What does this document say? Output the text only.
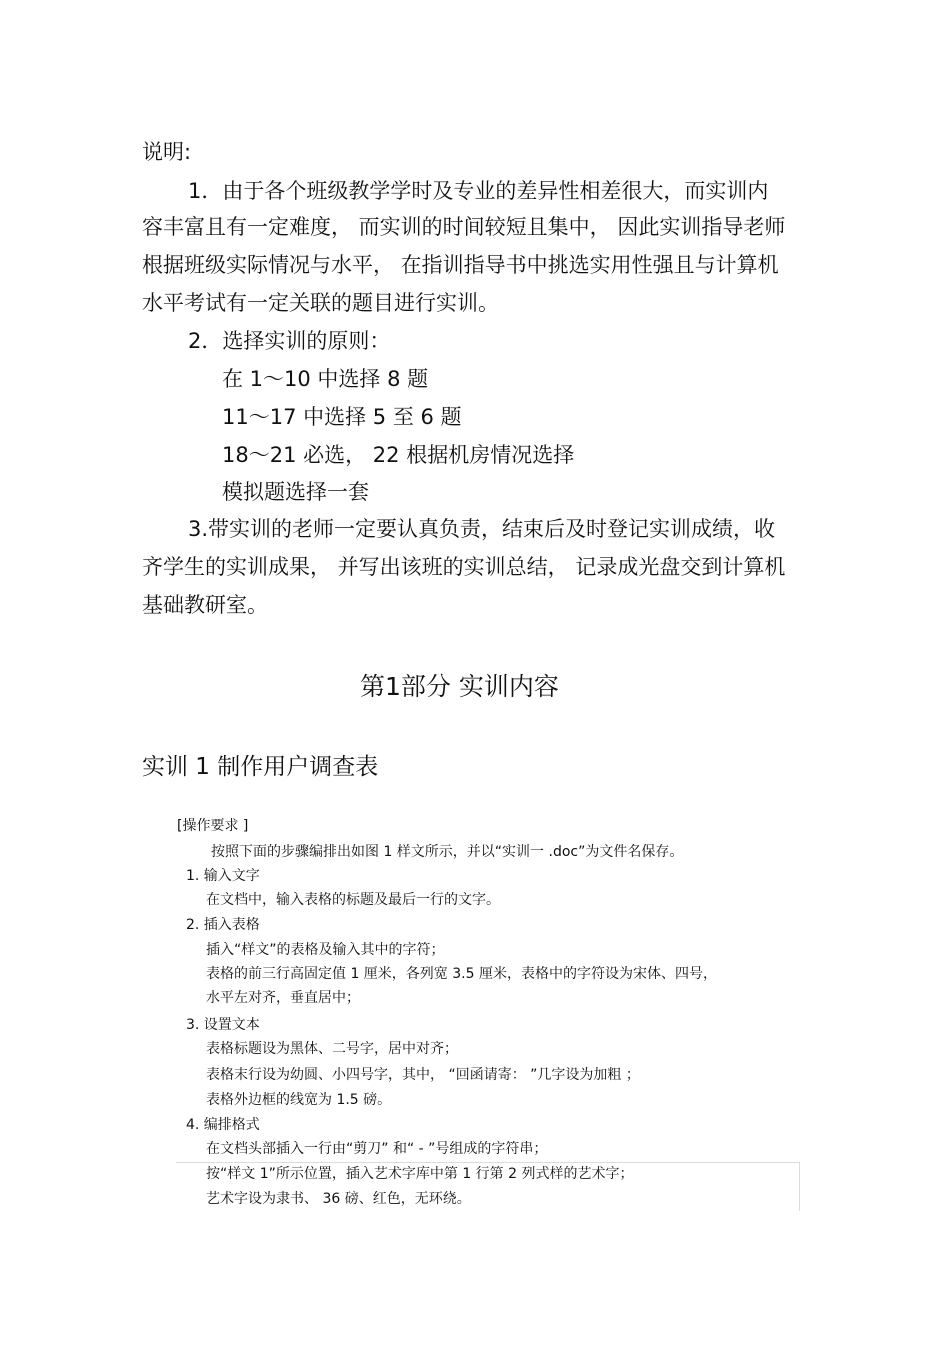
说明:
1．由于各个班级教学学时及专业的差异性相差很大，而实训内
容丰富且有一定难度， 而实训的时间较短且集中， 因此实训指导老师
根据班级实际情况与水平， 在指训指导书中挑选实用性强且与计算机
水平考试有一定关联的题目进行实训。
2．选择实训的原则：
在 1～10 中选择 8 题
11～17 中选择 5 至 6 题
18～21 必选， 22 根据机房情况选择
模拟题选择一套
3.带实训的老师一定要认真负责，结束后及时登记实训成绩，收
齐学生的实训成果， 并写出该班的实训总结， 记录成光盘交到计算机
基础教研室。
第1部分 实训内容
实训 1 制作用户调查表
[操作要求 ]
按照下面的步骤编排出如图 1 样文所示，并以“实训一 .doc”为文件名保存。
1. 输入文字
在文档中，输入表格的标题及最后一行的文字。
2. 插入表格
插入“样文”的表格及输入其中的字符；
表格的前三行高固定值 1 厘米，各列宽 3.5 厘米，表格中的字符设为宋体、四号，
水平左对齐，垂直居中；
3. 设置文本
表格标题设为黑体、二号字，居中对齐；
表格末行设为幼圆、小四号字，其中， “回函请寄： ”几字设为加粗 ；
表格外边框的线宽为 1.5 磅。
4. 编排格式
在文档头部插入一行由“剪刀” 和“ - ”号组成的字符串；
按“样文 1”所示位置，插入艺术字库中第 1 行第 2 列式样的艺术字；
艺术字设为隶书、 36 磅、红色，无环绕。
